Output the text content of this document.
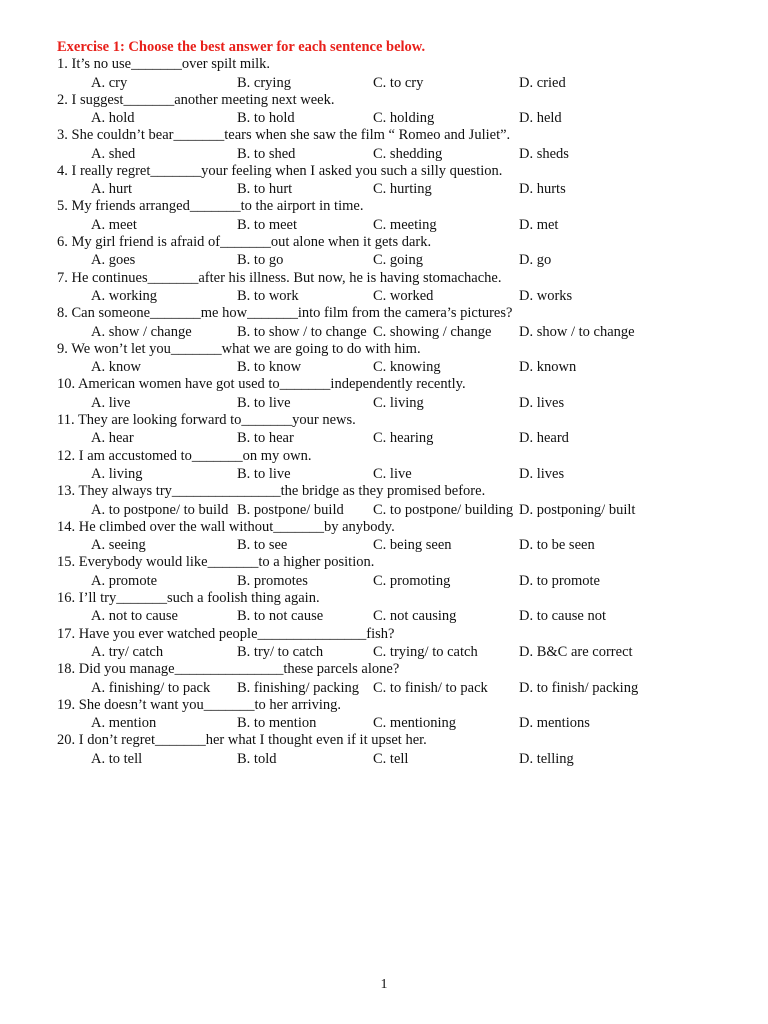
Exercise 1: Choose the best answer for each sentence below.
1. It’s no use_______over spilt milk.
A. cry	B. crying	C. to cry	D. cried
2. I suggest_______another meeting next week.
A. hold	B. to hold	C. holding	D. held
3. She couldn’t bear_______tears when she saw the film “ Romeo and Juliet”.
A. shed	B. to shed	C. shedding	D. sheds
4. I really regret_______your feeling when I asked you such a silly question.
A. hurt	B. to hurt	C. hurting	D. hurts
5. My friends arranged_______to the airport in time.
A. meet	B. to meet	C. meeting	D. met
6. My girl friend is afraid of_______out alone when it gets dark.
A. goes	B. to go	C. going	D. go
7. He continues_______after his illness. But now, he is having stomachache.
A. working	B. to work	C. worked	D. works
8. Can someone_______me how_______into film from the camera’s pictures?
A. show / change	B. to show / to change C. showing / change D. show / to change
9. We won’t let you_______what we are going to do with him.
A. know	B. to know	C. knowing	D. known
10. American women have got used to_______independently recently.
A. live	B. to live	C. living	D. lives
11. They are looking forward to_______your news.
A. hear	B. to hear	C. hearing	D. heard
12. I am accustomed to_______on my own.
A. living	B. to live	C. live	D. lives
13. They always try_______________the bridge as they promised before.
A. to postpone/ to build B. postpone/ build C. to postpone/ building D. postponing/ built
14. He climbed over the wall without_______by anybody.
A. seeing	B. to see	C. being seen	D. to be seen
15. Everybody would like_______to a higher position.
A. promote	B. promotes	C. promoting	D. to promote
16. I’ll try_______such a foolish thing again.
A. not to cause	B. to not cause	C. not causing	D. to cause not
17. Have you ever watched people_______________fish?
A. try/ catch	B. try/ to catch	C. trying/ to catch	D. B&C are correct
18. Did you manage_______________these parcels alone?
A. finishing/ to pack B. finishing/ packing C. to finish/ to pack D. to finish/ packing
19. She doesn’t want you_______to her arriving.
A. mention	B. to mention	C. mentioning	D. mentions
20. I don’t regret_______her what I thought even if it upset her.
A. to tell	B. told	C. tell	D. telling
1
